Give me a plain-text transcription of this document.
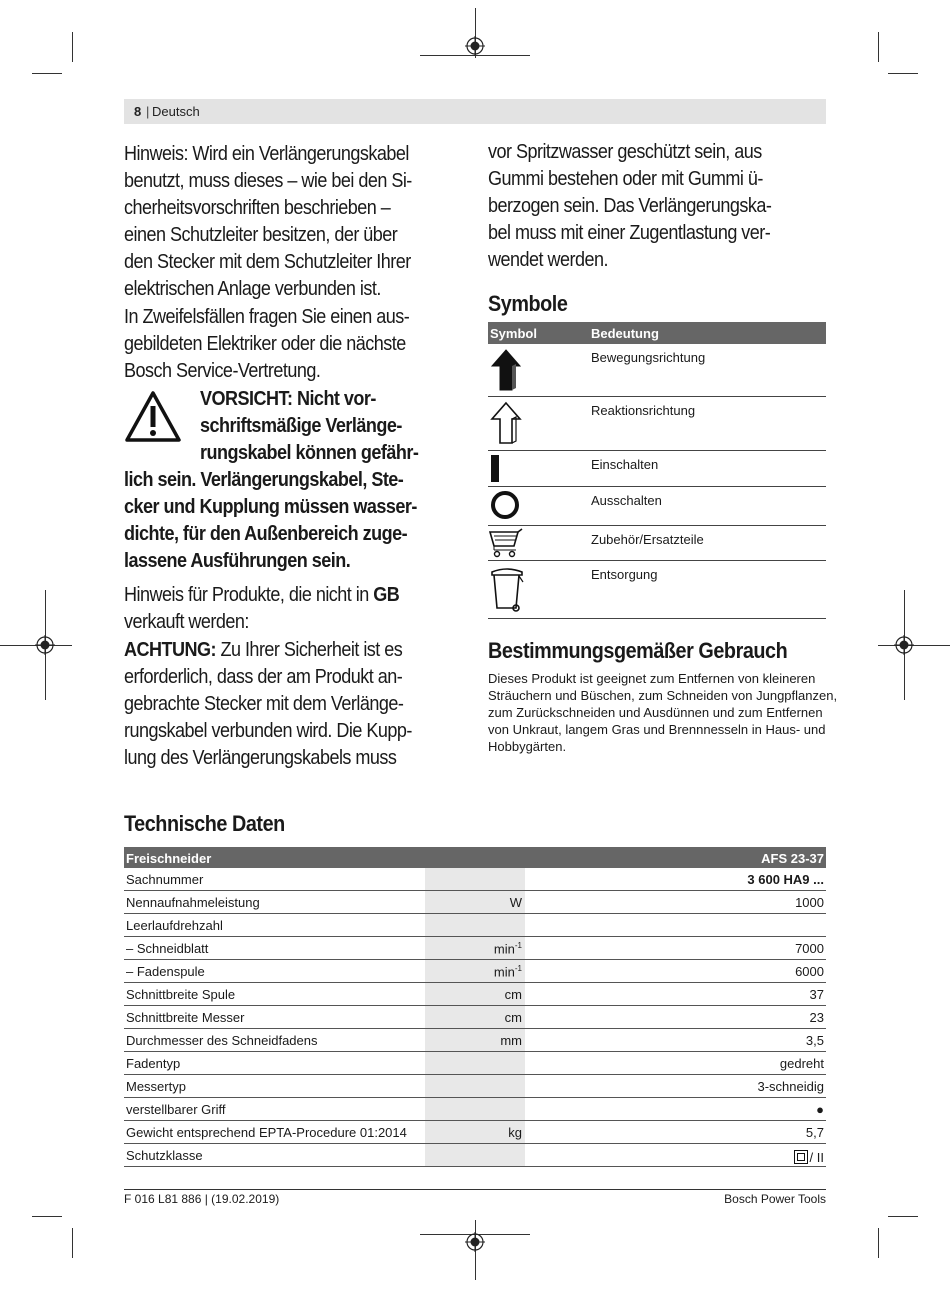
8 | Deutsch
Hinweis: Wird ein Verlängerungskabel
benutzt, muss dieses – wie bei den Si-
cherheitsvorschriften beschrieben –
einen Schutzleiter besitzen, der über
den Stecker mit dem Schutzleiter Ihrer
elektrischen Anlage verbunden ist.
In Zweifelsfällen fragen Sie einen aus-
gebildeten Elektriker oder die nächste
Bosch Service-Vertretung.
VORSICHT: Nicht vor-
schriftsmäßige Verlänge-
rungskabel können gefähr-
lich sein. Verlängerungskabel, Ste-
cker und Kupplung müssen wasser-
dichte, für den Außenbereich zuge-
lassene Ausführungen sein.
Hinweis für Produkte, die nicht in GB
verkauft werden:
ACHTUNG: Zu Ihrer Sicherheit ist es
erforderlich, dass der am Produkt an-
gebrachte Stecker mit dem Verlänge-
rungskabel verbunden wird. Die Kupp-
lung des Verlängerungskabels muss
vor Spritzwasser geschützt sein, aus
Gummi bestehen oder mit Gummi ü-
berzogen sein. Das Verlängerungska-
bel muss mit einer Zugentlastung ver-
wendet werden.
Symbole
Symbol	Bedeutung
Bewegungsrichtung
Reaktionsrichtung
Einschalten
Ausschalten
Zubehör/Ersatzteile
Entsorgung
Bestimmungsgemäßer Gebrauch
Dieses Produkt ist geeignet zum Entfernen von kleineren
Sträuchern und Büschen, zum Schneiden von Jungpflanzen,
zum Zurückschneiden und Ausdünnen und zum Entfernen
von Unkraut, langem Gras und Brennnesseln in Haus- und
Hobbygärten.
Technische Daten
Freischneider	AFS 23-37
Sachnummer	3 600 HA9 ...
Nennaufnahmeleistung	W	1000
Leerlaufdrehzahl
– Schneidblatt	$\min^{-1}$	7000
– Fadenspule	$\min^{-1}$	6000
Schnittbreite Spule	cm	37
Schnittbreite Messer	cm	23
Durchmesser des Schneidfadens	mm	3,5
Fadentyp	gedreht
Messertyp	3-schneidig
verstellbarer Griff	●
Gewicht entsprechend EPTA-Procedure 01:2014	kg	5,7
Schutzklasse	/ II
F 016 L81 886 | (19.02.2019)	Bosch Power Tools
